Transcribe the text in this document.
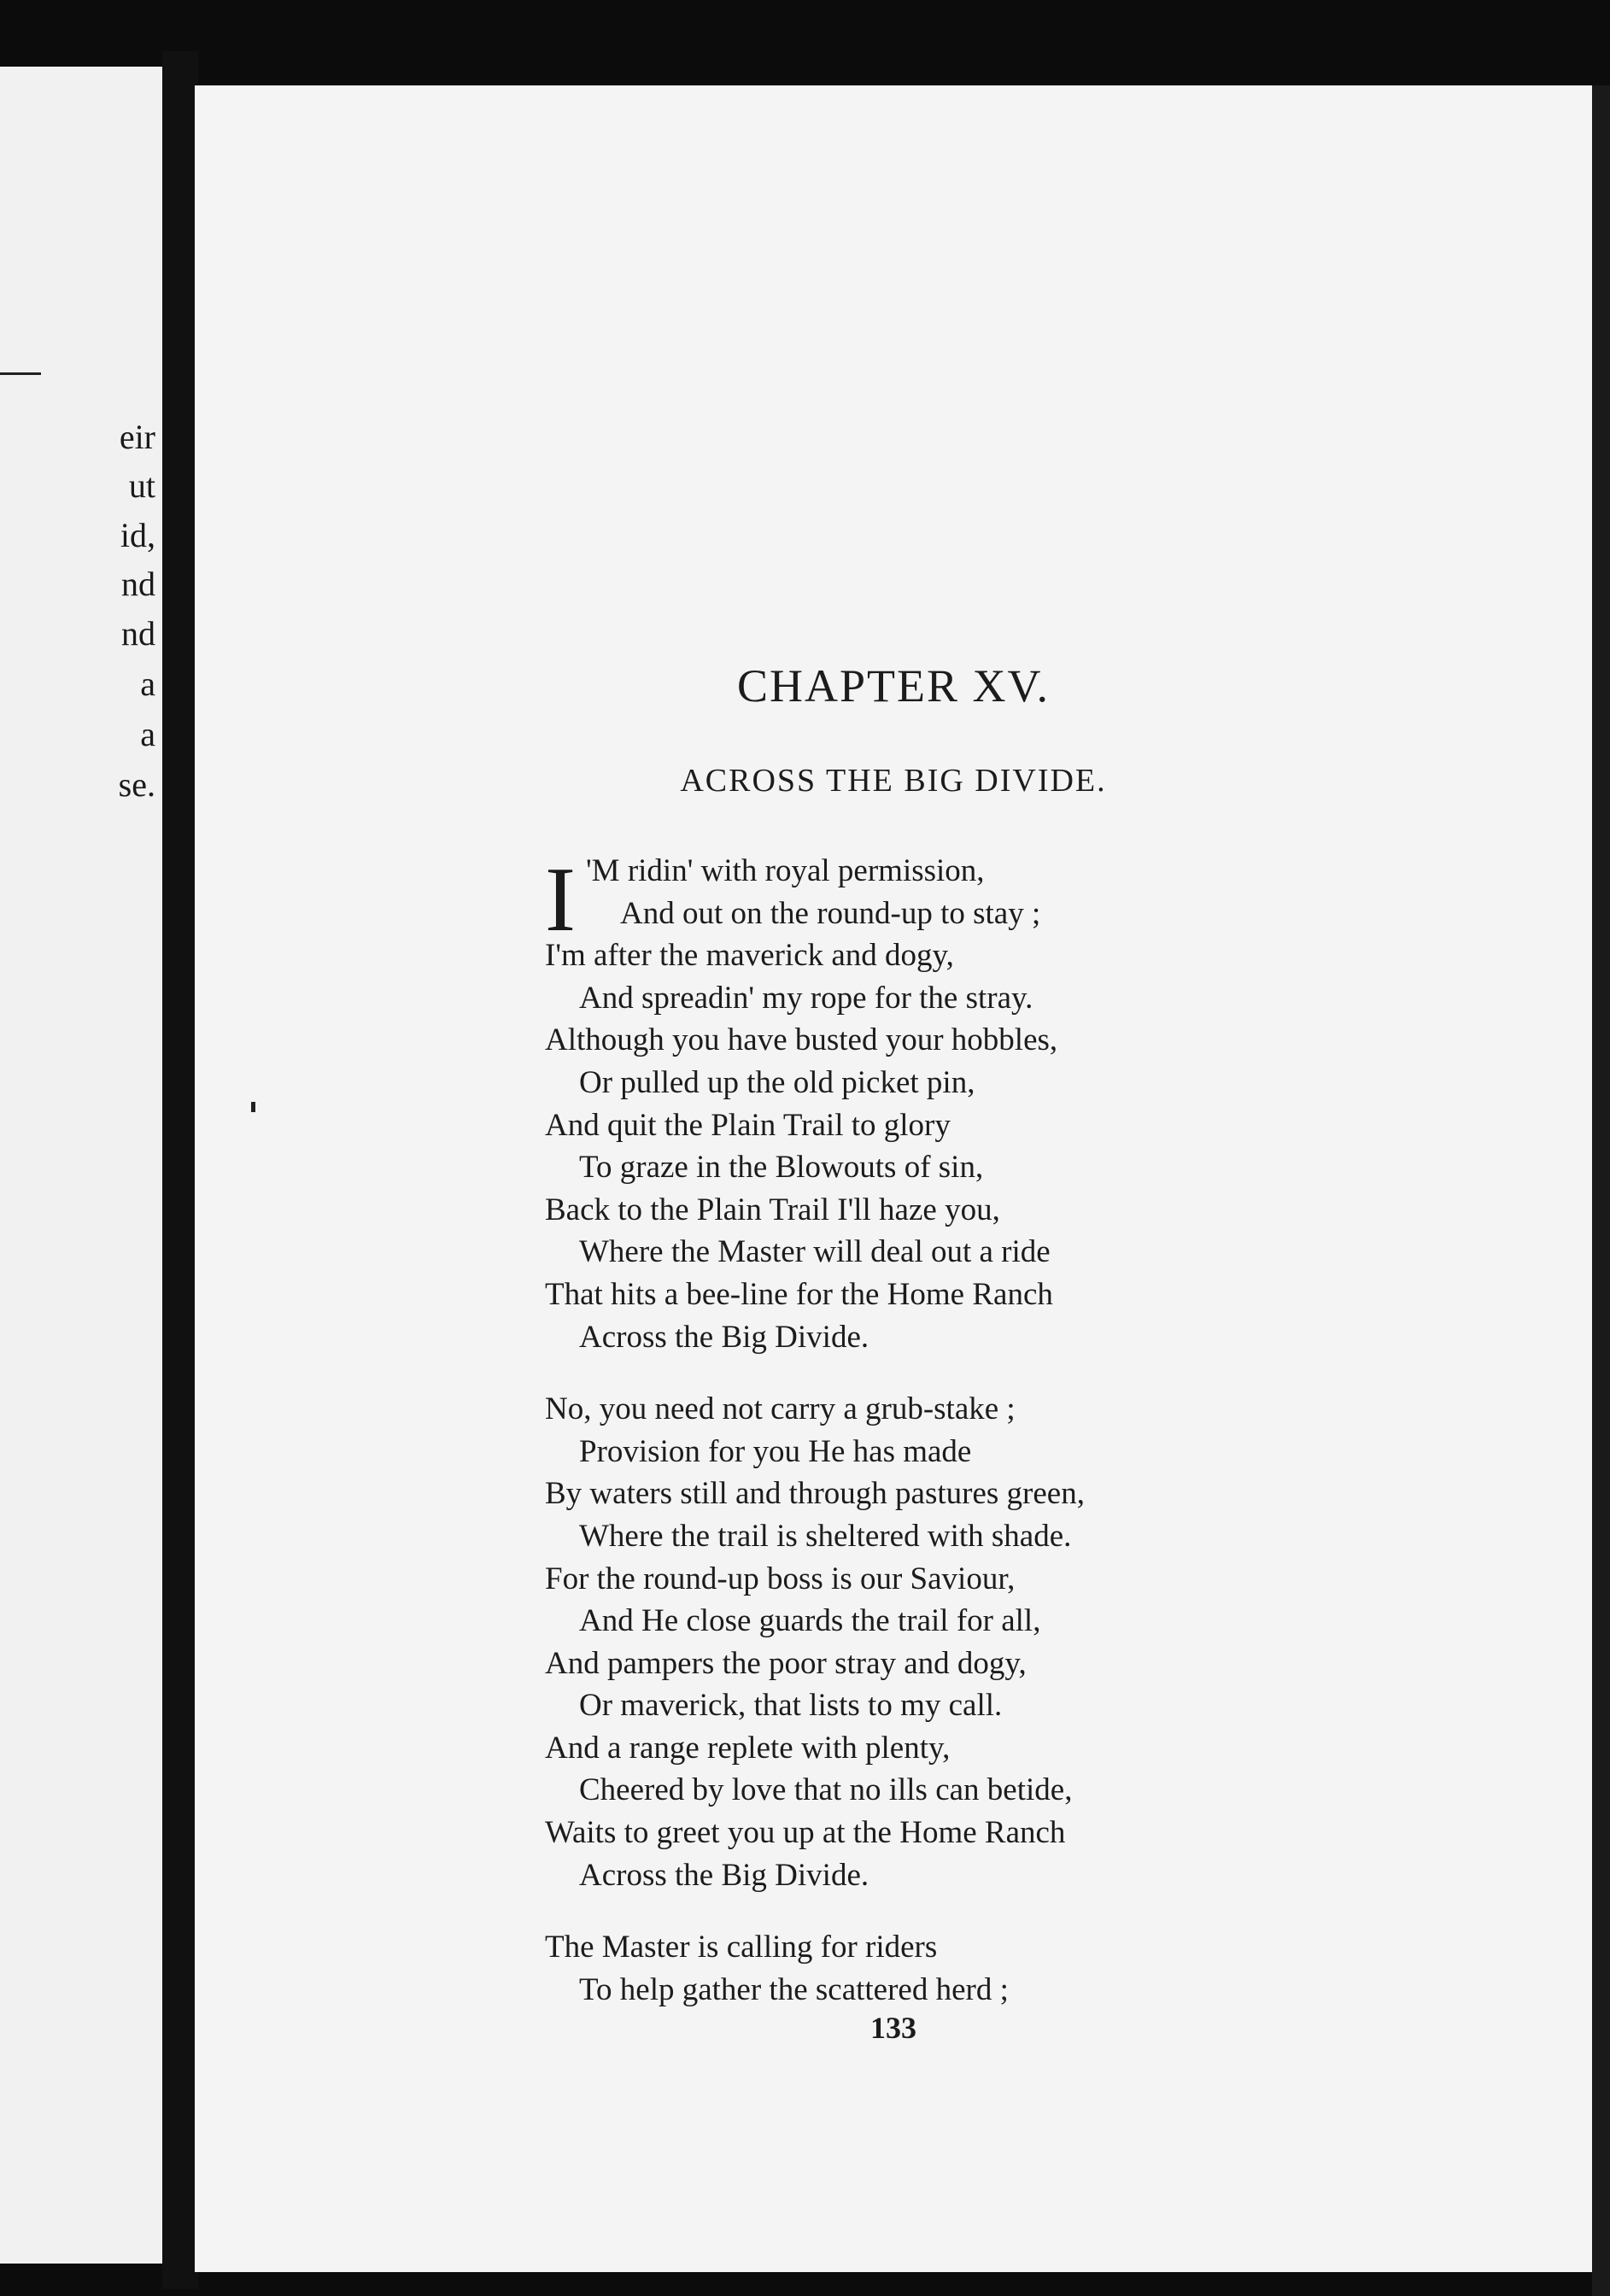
eir
ut
id,
nd
nd
a
a
se.
CHAPTER XV.
ACROSS THE BIG DIVIDE.
I 'M ridin' with royal permission,
And out on the round-up to stay ;
I'm after the maverick and dogy,
And spreadin' my rope for the stray.
Although you have busted your hobbles,
Or pulled up the old picket pin,
And quit the Plain Trail to glory
To graze in the Blowouts of sin,
Back to the Plain Trail I'll haze you,
Where the Master will deal out a ride
That hits a bee-line for the Home Ranch
Across the Big Divide.
No, you need not carry a grub-stake ;
Provision for you He has made
By waters still and through pastures green,
Where the trail is sheltered with shade.
For the round-up boss is our Saviour,
And He close guards the trail for all,
And pampers the poor stray and dogy,
Or maverick, that lists to my call.
And a range replete with plenty,
Cheered by love that no ills can betide,
Waits to greet you up at the Home Ranch
Across the Big Divide.
The Master is calling for riders
To help gather the scattered herd ;
133
